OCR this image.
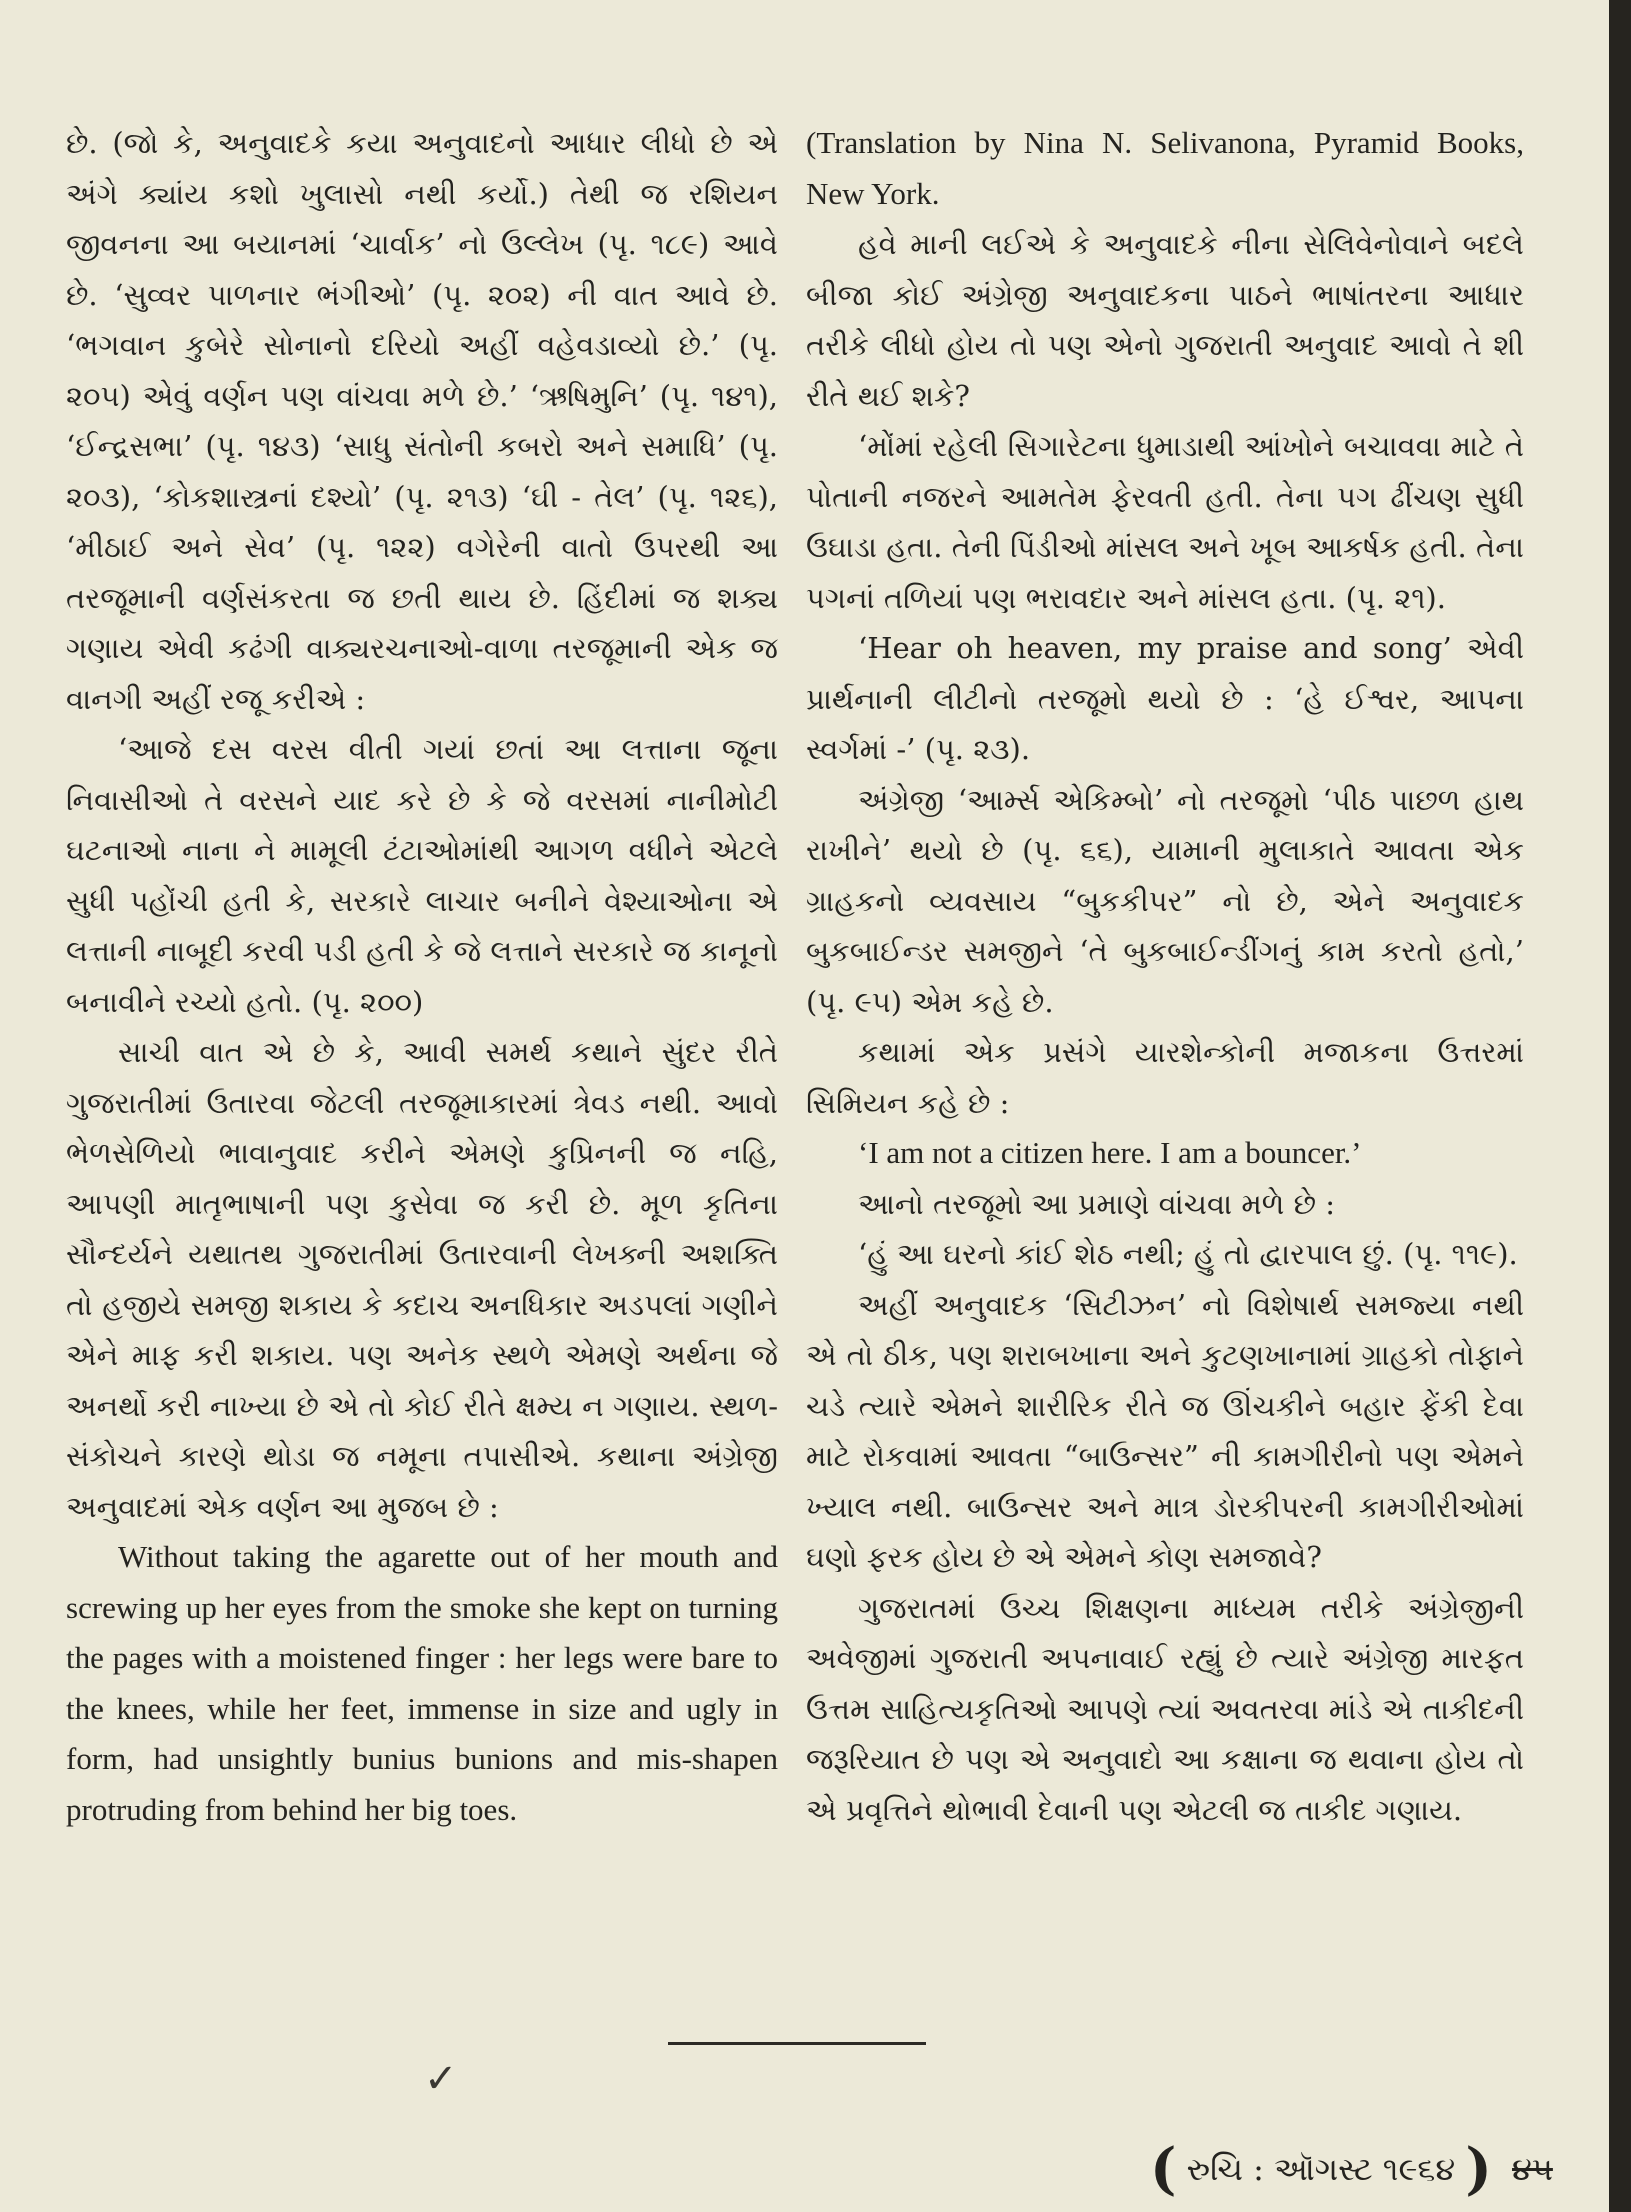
છે. (જો કે, અનુવાદકે કયા અનુવાદનો આધાર લીધો છે એ અંગે ક્યાંય કશો ખુલાસો નથી કર્યો.) તેથી જ રશિયન જીવનના આ બયાનમાં ‘ચાર્વાક’ નો ઉલ્લેખ (પૃ. ૧૮૯) આવે છે. ‘સુવ્વર પાળનાર ભંગીઓ’ (પૃ. ૨૦૨) ની વાત આવે છે. ‘ભગવાન કુબેરે સોનાનો દરિયો અહીં વહેવડાવ્યો છે.’ (પૃ. ૨૦૫) એવું વર્ણન પણ વાંચવા મળે છે.’ ‘ઋષિમુનિ’ (પૃ. ૧૪૧), ‘ઈન્દ્રસભા’ (પૃ. ૧૪૩) ‘સાધુ સંતોની કબરો અને સમાધિ’ (પૃ. ૨૦૩), ‘કોકશાસ્ત્રનાં દશ્યો’ (પૃ. ૨૧૩) ‘ઘી - તેલ’ (પૃ. ૧૨૬), ‘મીઠાઈ અને સેવ’ (પૃ. ૧૨૨) વગેરેની વાતો ઉપરથી આ તરજૂમાની વર્ણસંકરતા જ છતી થાય છે. હિંદીમાં જ શક્ય ગણાય એવી કઢંગી વાક્યરચનાઓ-વાળા તરજૂમાની એક જ વાનગી અહીં રજૂ કરીએ :

‘આજે દસ વરસ વીતી ગયાં છતાં આ લત્તાના જૂના નિવાસીઓ તે વરસને યાદ કરે છે કે જે વરસમાં નાનીમોટી ઘટનાઓ નાના ને મામૂલી ટંટાઓમાંથી આગળ વધીને એટલે સુધી પહોંચી હતી કે, સરકારે લાચાર બનીને વેશ્યાઓના એ લત્તાની નાબૂદી કરવી પડી હતી કે જે લત્તાને સરકારે જ કાનૂનો બનાવીને રચ્યો હતો. (પૃ. ૨૦૦)

સાચી વાત એ છે કે, આવી સમર્થ કથાને સુંદર રીતે ગુજરાતીમાં ઉતારવા જેટલી તરજૂમાકારમાં ત્રેવડ નથી. આવો ભેળસેળિયો ભાવાનુવાદ કરીને એમણે કુપ્રિનની જ નહિ, આપણી માતૃભાષાની પણ કુસેવા જ કરી છે. મૂળ કૃતિના સૌન્દર્યને યથાતથ ગુજરાતીમાં ઉતારવાની લેખક્ની અશક્તિ તો હજીયે સમજી શકાય કે કદાચ અનધિકાર અડપલાં ગણીને એને માફ કરી શકાય. પણ અનેક સ્થળે એમણે અર્થના જે અનર્થો કરી નાખ્યા છે એ તો કોઈ રીતે ક્ષમ્ય ન ગણાય. સ્થળ-સંકોચને કારણે થોડા જ નમૂના તપાસીએ. કથાના અંગ્રેજી અનુવાદમાં એક વર્ણન આ મુજબ છે :

Without taking the agarette out of her mouth and screwing up her eyes from the smoke she kept on turning the pages with a moistened finger : her legs were bare to the knees, while her feet, immense in size and ugly in form, had unsightly bunius bunions and mis-shapen protruding from behind her big toes.

(Translation by Nina N. Selivanona, Pyramid Books, New York.

હવે માની લઈએ કે અનુવાદકે નીના સેલિવેનોવાને બદલે બીજા કોઈ અંગ્રેજી અનુવાદકના પાઠને ભાષાંતરના આધાર તરીકે લીધો હોય તો પણ એનો ગુજરાતી અનુવાદ આવો તે શી રીતે થઈ શકે?

‘મોંમાં રહેલી સિગારેટના ધુમાડાથી આંખોને બચાવવા માટે તે પોતાની નજરને આમતેમ ફેરવતી હતી. તેના પગ ઢીંચણ સુધી ઉઘાડા હતા. તેની પિંડીઓ માંસલ અને ખૂબ આકર્ષક હતી. તેના પગનાં તળિયાં પણ ભરાવદાર અને માંસલ હતા. (પૃ. ૨૧).

‘Hear oh heaven, my praise and song’ એવી પ્રાર્થનાની લીટીનો તરજૂમો થયો છે : ‘હે ઈશ્વર, આપના સ્વર્ગમાં -’ (પૃ. ૨૩).

અંગ્રેજી ‘આર્મ્સ એકિમ્બો’ નો તરજૂમો ‘પીઠ પાછળ હાથ રાખીને’ થયો છે (પૃ. ૬૬), યામાની મુલાકાતે આવતા એક ગ્રાહકનો વ્યવસાય “બુકકીપર” નો છે, એને અનુવાદક બુકબાઈન્ડર સમજીને ‘તે બુકબાઈન્ડીંગનું કામ કરતો હતો,’ (પૃ. ૯૫) એમ કહે છે.

કથામાં એક પ્રસંગે યારશેન્કોની મજાકના ઉત્તરમાં સિમિયન કહે છે :

‘I am not a citizen here. I am a bouncer.’

આનો તરજૂમો આ પ્રમાણે વાંચવા મળે છે :

‘હું આ ઘરનો કાંઈ શેઠ નથી; હું તો દ્વારપાલ છું. (પૃ. ૧૧૯).

અહીં અનુવાદક ‘સિટીઝન’ નો વિશેષાર્થ સમજ્યા નથી એ તો ઠીક, પણ શરાબખાના અને કુટણખાનામાં ગ્રાહકો તોફાને ચડે ત્યારે એમને શારીરિક રીતે જ ઊંચકીને બહાર ફેંકી દેવા માટે રોકવામાં આવતા “બાઉન્સર” ની કામગીરીનો પણ એમને ખ્યાલ નથી. બાઉન્સર અને માત્ર ડોરકીપરની કામગીરીઓમાં ઘણો ફરક હોય છે એ એમને કોણ સમજાવે?

ગુજરાતમાં ઉચ્ચ શિક્ષણના માધ્યમ તરીકે અંગ્રેજીની અવેજીમાં ગુજરાતી અપનાવાઈ રહ્યું છે ત્યારે અંગ્રેજી મારફત ઉત્તમ સાહિત્યકૃતિઓ આપણે ત્યાં અવતરવા માંડે એ તાકીદની જરૂરિયાત છે પણ એ અનુવાદો આ કક્ષાના જ થવાના હોય તો એ પ્રવૃત્તિને થોભાવી દેવાની પણ એટલી જ તાકીદ ગણાય.

✓
( રુચિ : ઑગસ્ટ ૧૯૬૪ ) ૪૫
